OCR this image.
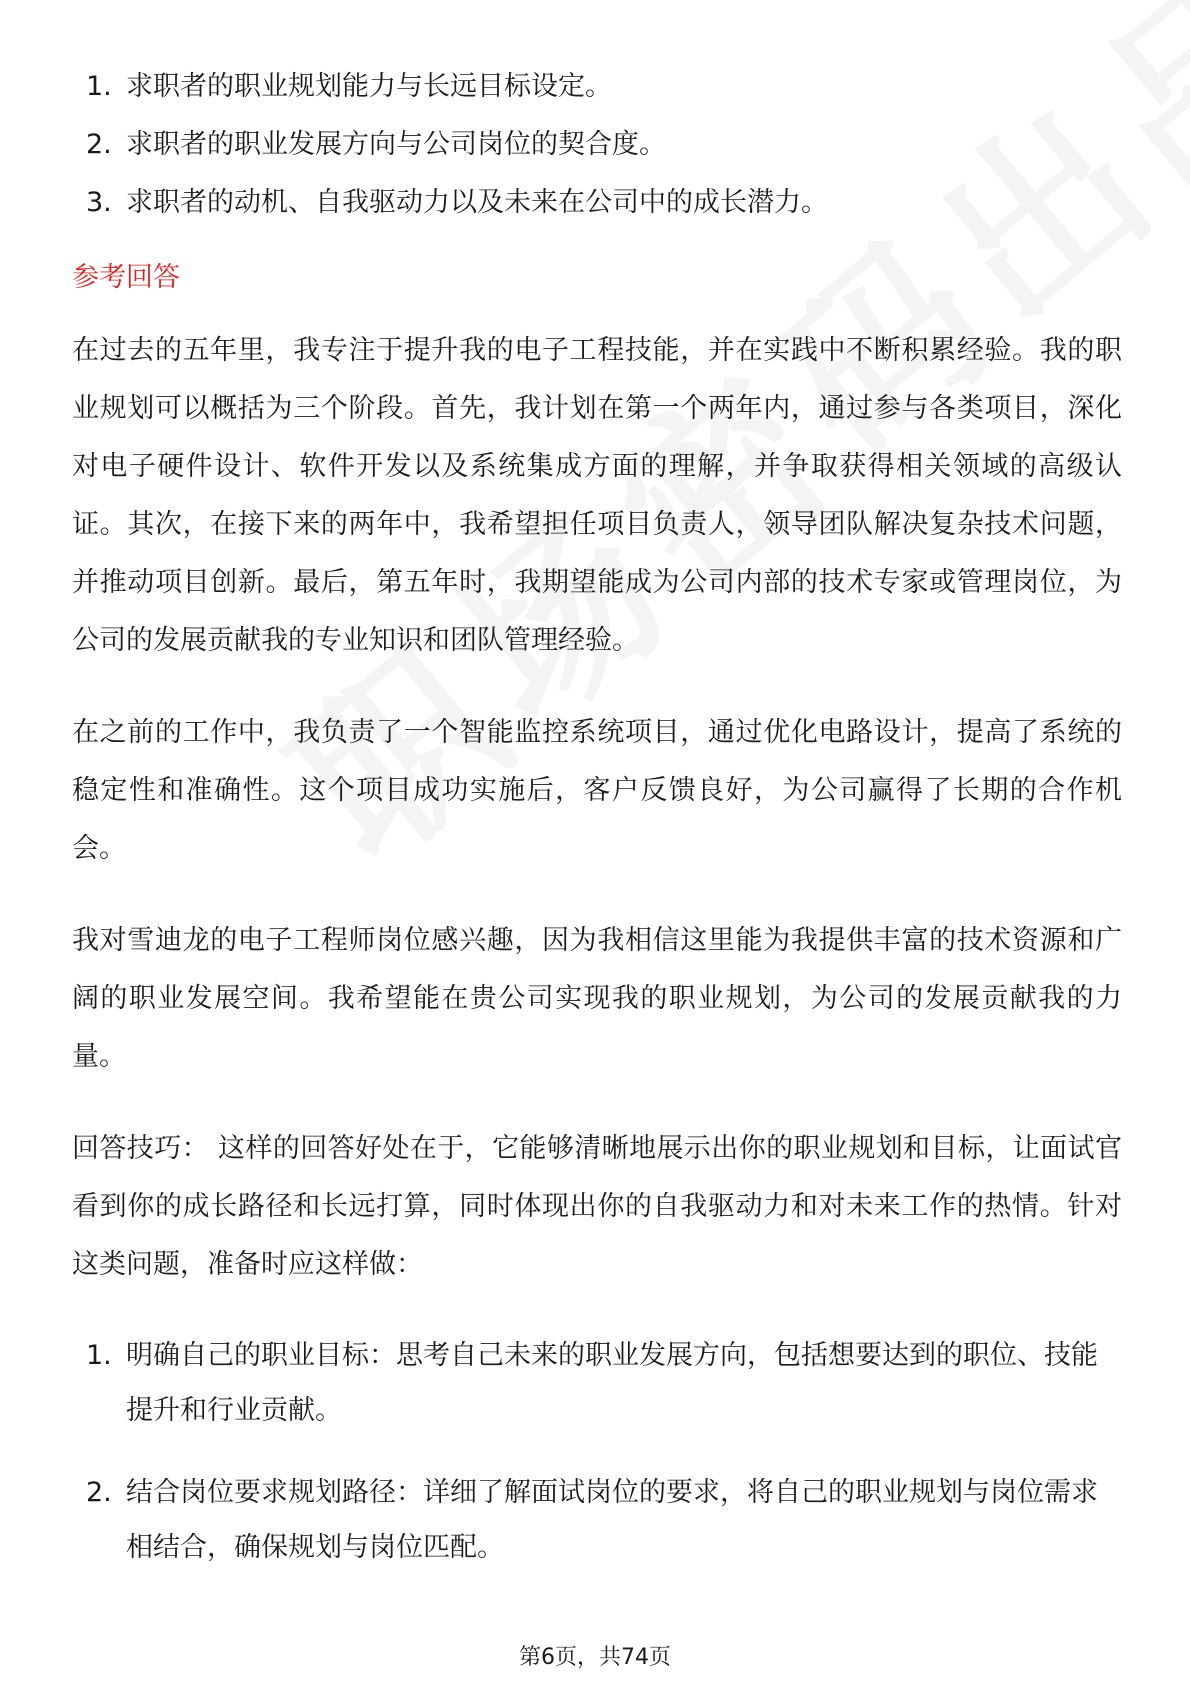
1. 求职者的职业规划能力与长远目标设定。
2. 求职者的职业发展方向与公司岗位的契合度。
3. 求职者的动机、自我驱动力以及未来在公司中的成长潜力。
参考回答

在过去的五年里，我专注于提升我的电子工程技能，并在实践中不断积累经验。我的职业规划可以概括为三个阶段。首先，我计划在第一个两年内，通过参与各类项目，深化对电子硬件设计、软件开发以及系统集成方面的理解，并争取获得相关领域的高级认证。其次，在接下来的两年中，我希望担任项目负责人，领导团队解决复杂技术问题，并推动项目创新。最后，第五年时，我期望能成为公司内部的技术专家或管理岗位，为公司的发展贡献我的专业知识和团队管理经验。

在之前的工作中，我负责了一个智能监控系统项目，通过优化电路设计，提高了系统的稳定性和准确性。这个项目成功实施后，客户反馈良好，为公司赢得了长期的合作机会。

我对雪迪龙的电子工程师岗位感兴趣，因为我相信这里能为我提供丰富的技术资源和广阔的职业发展空间。我希望能在贵公司实现我的职业规划，为公司的发展贡献我的力量。

回答技巧： 这样的回答好处在于，它能够清晰地展示出你的职业规划和目标，让面试官看到你的成长路径和长远打算，同时体现出你的自我驱动力和对未来工作的热情。针对这类问题，准备时应这样做：

1. 明确自己的职业目标：思考自己未来的职业发展方向，包括想要达到的职位、技能提升和行业贡献。
2. 结合岗位要求规划路径：详细了解面试岗位的要求，将自己的职业规划与岗位需求相结合，确保规划与岗位匹配。
第6页，共74页
